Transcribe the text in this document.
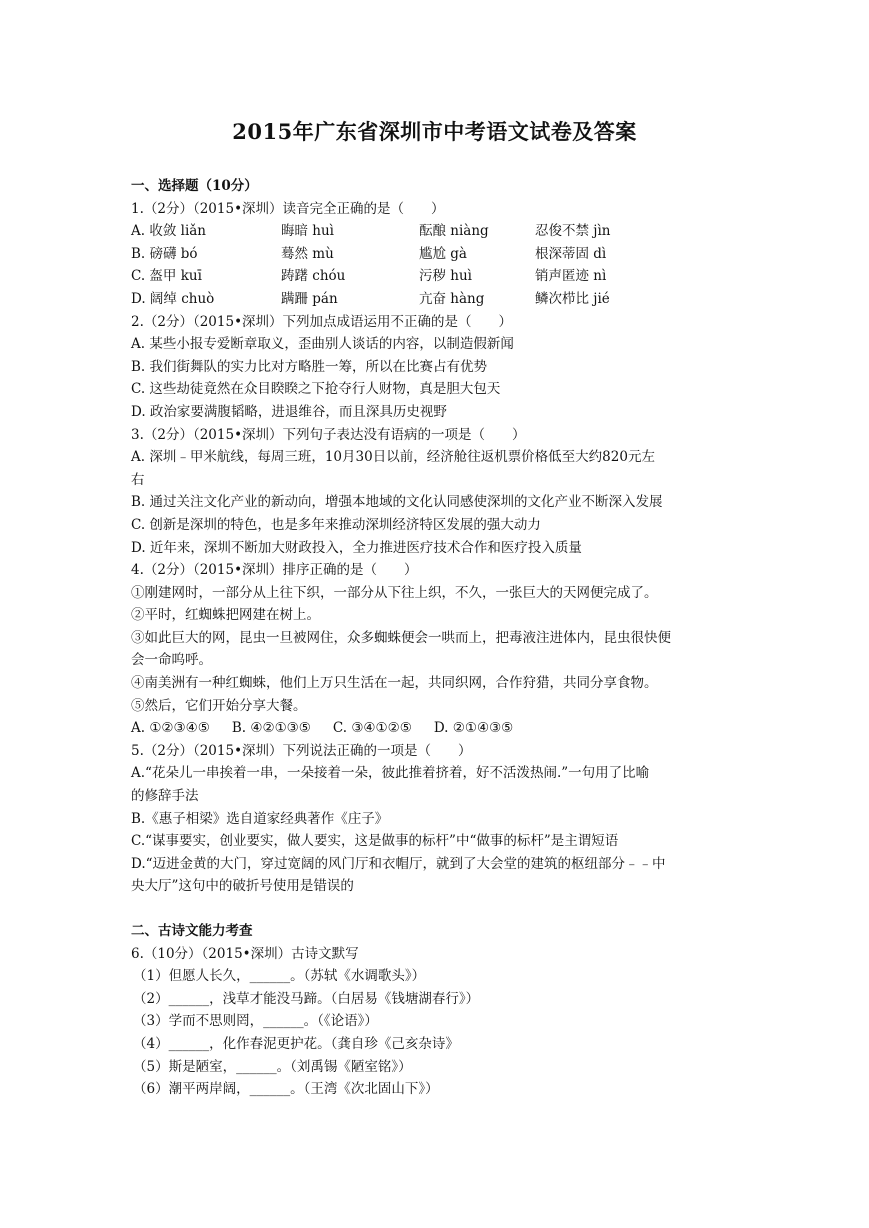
2015年广东省深圳市中考语文试卷及答案
一、选择题（10分）
1.（2分）（2015•深圳）读音完全正确的是（　　）
A. 收敛 liǎn	晦暗 huì	酝酿 niàng	忍俊不禁 jìn
B. 磅礴 bó	蓦然 mù	尴尬 gà	根深蒂固 dì
C. 盔甲 kuī	踌躇 chóu	污秽 huì	销声匿迹 nì
D. 阔绰 chuò	蹒跚 pán	亢奋 hàng	鳞次栉比 jié
2.（2分）（2015•深圳）下列加点成语运用不正确的是（　　）
A. 某些小报专爱断章取义，歪曲别人谈话的内容，以制造假新闻
B. 我们街舞队的实力比对方略胜一筹，所以在比赛占有优势
C. 这些劫徒竟然在众目睽睽之下抢夺行人财物，真是胆大包天
D. 政治家要满腹韬略，进退维谷，而且深具历史视野
3.（2分）（2015•深圳）下列句子表达没有语病的一项是（　　）
A. 深圳﹣甲米航线，每周三班，10月30日以前，经济舱往返机票价格低至大约820元左
右
B. 通过关注文化产业的新动向，增强本地域的文化认同感使深圳的文化产业不断深入发展
C. 创新是深圳的特色，也是多年来推动深圳经济特区发展的强大动力
D. 近年来，深圳不断加大财政投入，全力推进医疗技术合作和医疗投入质量
4.（2分）（2015•深圳）排序正确的是（　　）
①刚建网时，一部分从上往下织，一部分从下往上织，不久，一张巨大的天网便完成了。
②平时，红蜘蛛把网建在树上。
③如此巨大的网，昆虫一旦被网住，众多蜘蛛便会一哄而上，把毒液注进体内，昆虫很快便
会一命呜呼。
④南美洲有一种红蜘蛛，他们上万只生活在一起，共同织网，合作狩猎，共同分享食物。
⑤然后，它们开始分享大餐。
A. ①②③④⑤ B. ④②①③⑤ C. ③④①②⑤ D. ②①④③⑤
5.（2分）（2015•深圳）下列说法正确的一项是（　　）
A.“花朵儿一串挨着一串，一朵接着一朵，彼此推着挤着，好不活泼热闹.”一句用了比喻
的修辞手法
B.《惠子相梁》选自道家经典著作《庄子》
C.“谋事要实，创业要实，做人要实，这是做事的标杆”中“做事的标杆”是主谓短语
D.“迈进金黄的大门，穿过宽阔的风门厅和衣帽厅，就到了大会堂的建筑的枢纽部分﹣﹣中
央大厅”这句中的破折号使用是错误的
二、古诗文能力考查
6.（10分）（2015•深圳）古诗文默写
（1）但愿人长久，______。（苏轼《水调歌头》）
（2）______，浅草才能没马蹄。（白居易《钱塘湖春行》）
（3）学而不思则罔，______。（《论语》）
（4）______，化作春泥更护花。（龚自珍《己亥杂诗》
（5）斯是陋室，______。（刘禹锡《陋室铭》）
（6）潮平两岸阔，______。（王湾《次北固山下》）
